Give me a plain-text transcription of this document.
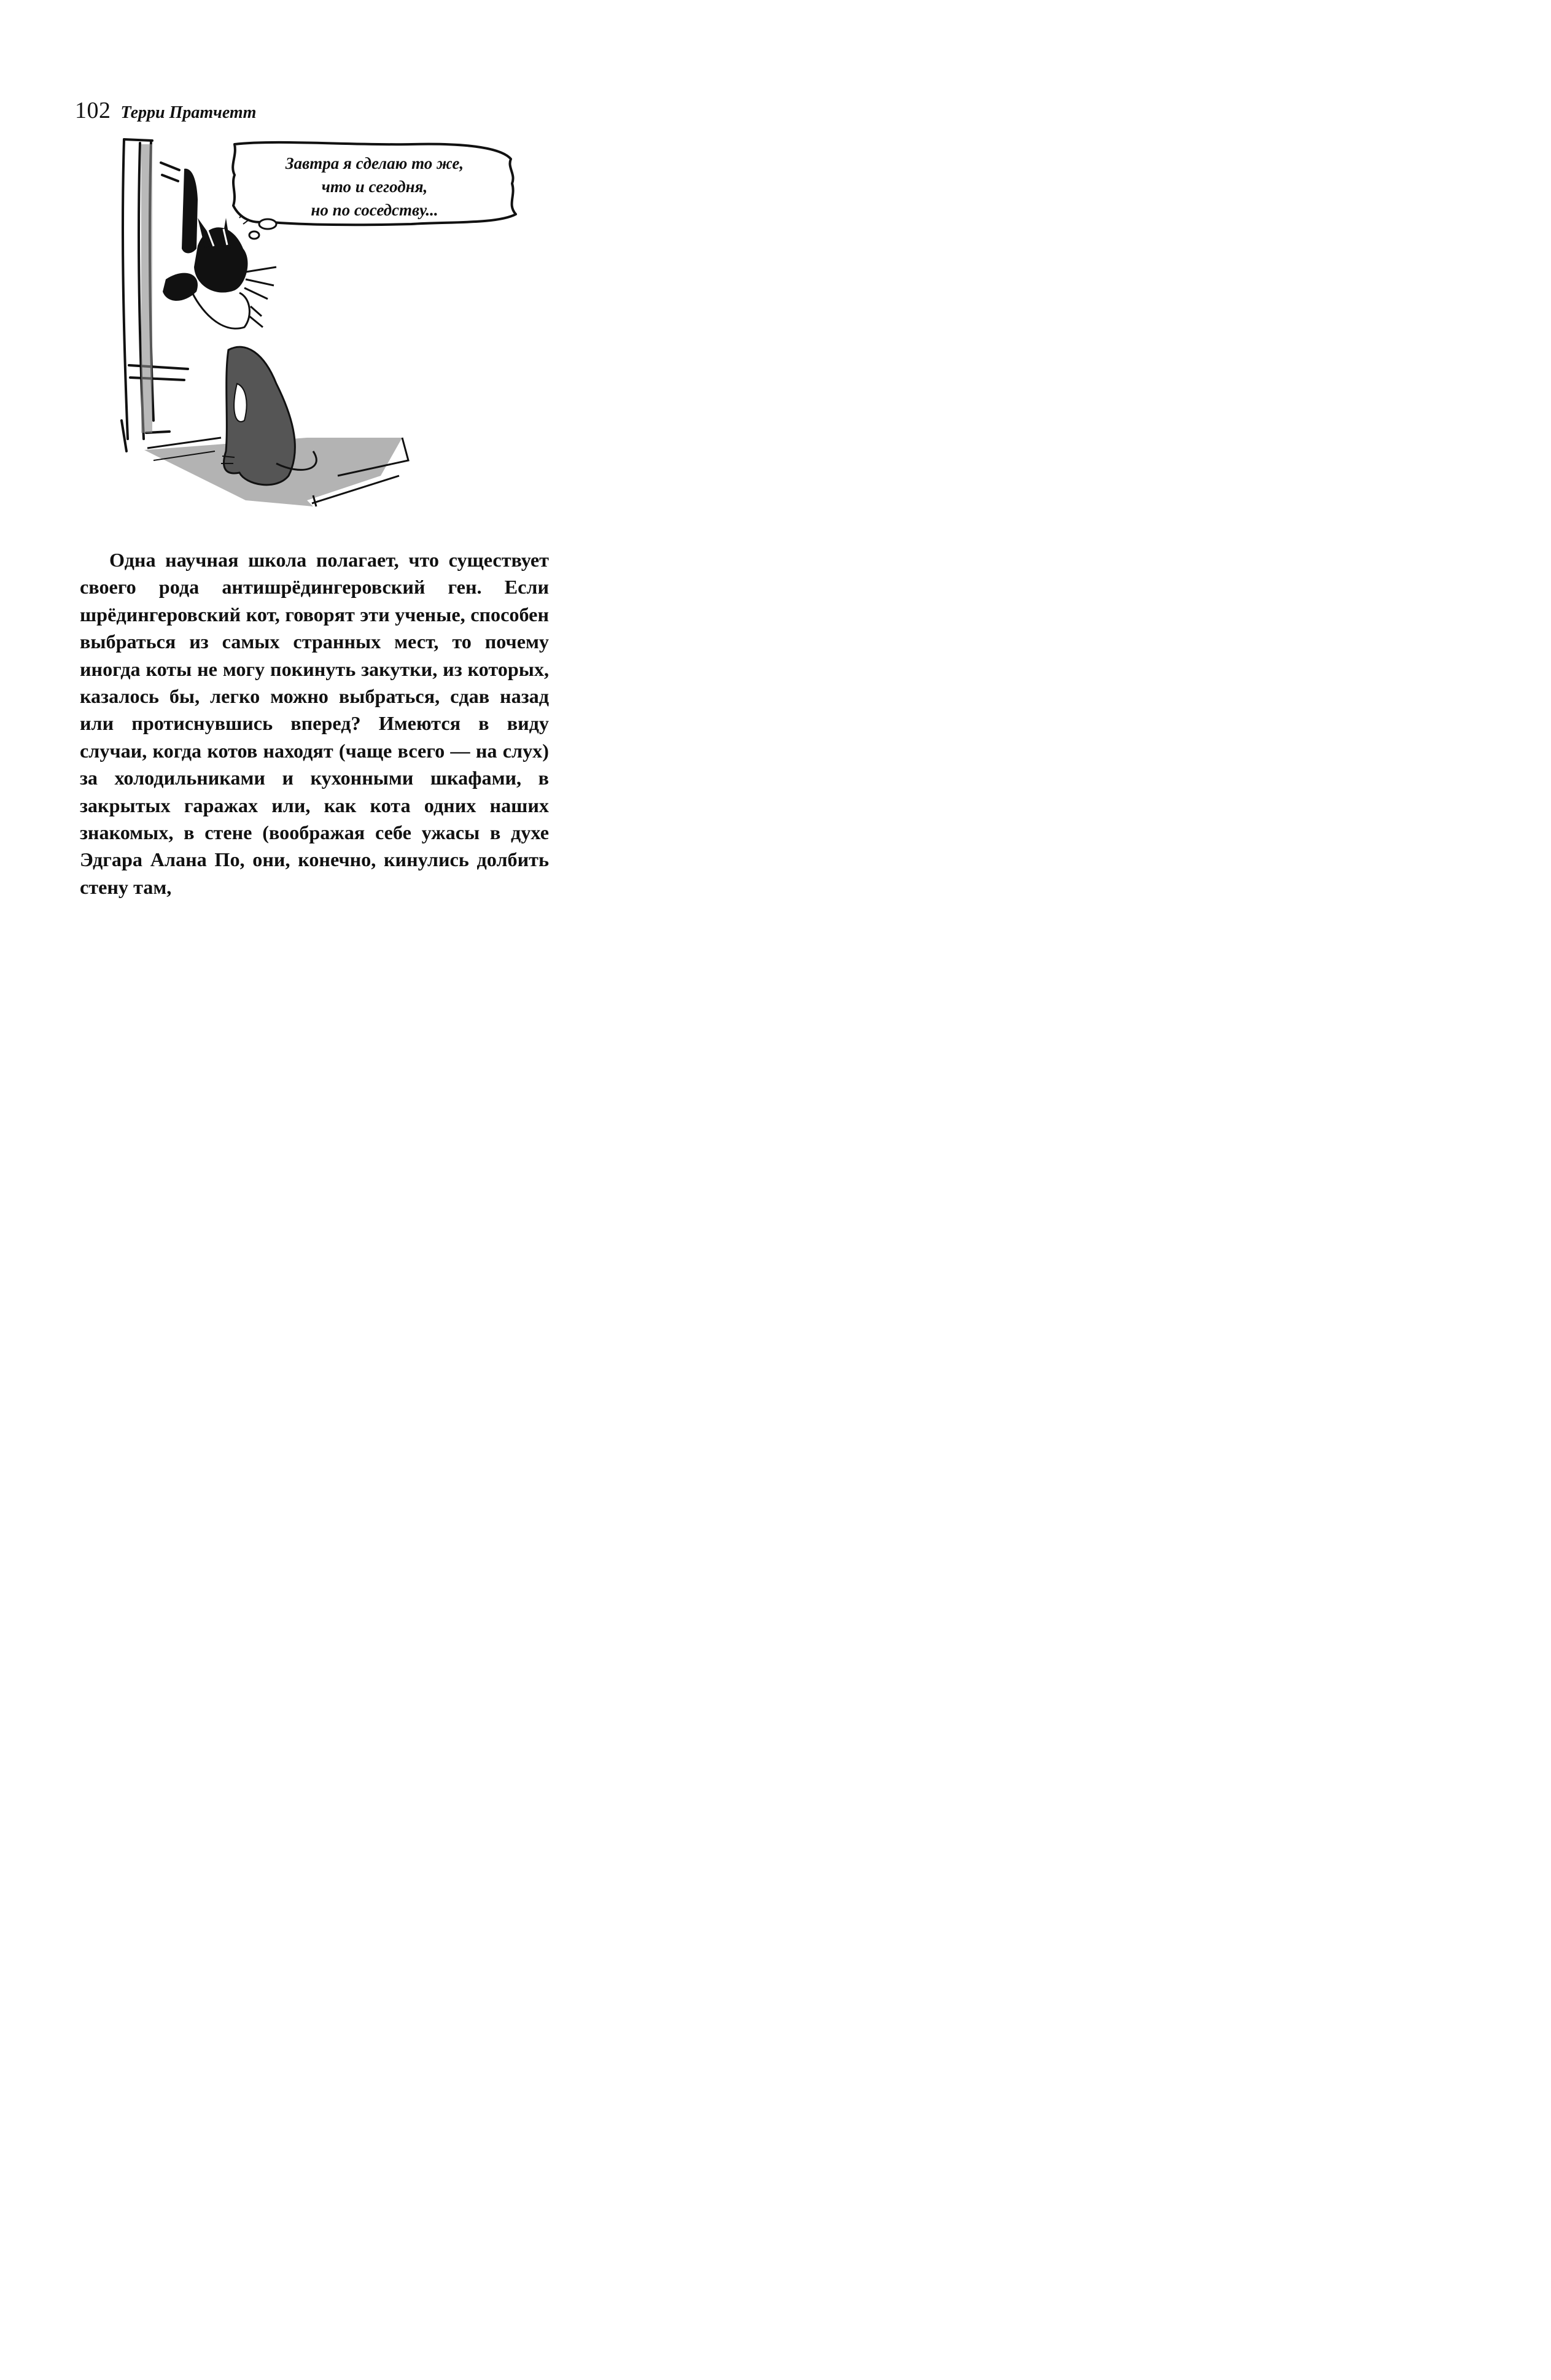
102 Терри Пратчетт
Завтра я сделаю то же,
что и сегодня,
но по соседству...

Одна научная школа полагает, что существует своего рода антишрёдингеровский ген. Если шрёдингеровский кот, говорят эти ученые, способен выбраться из самых странных мест, то почему иногда коты не могу покинуть закутки, из которых, казалось бы, легко можно выбраться, сдав назад или протиснувшись вперед? Имеются в виду случаи, когда котов находят (чаще всего — на слух) за холодильниками и кухонными шкафами, в закрытых гаражах или, как кота одних наших знакомых, в стене (воображая себе ужасы в духе Эдгара Алана По, они, конечно, кинулись долбить стену там,
